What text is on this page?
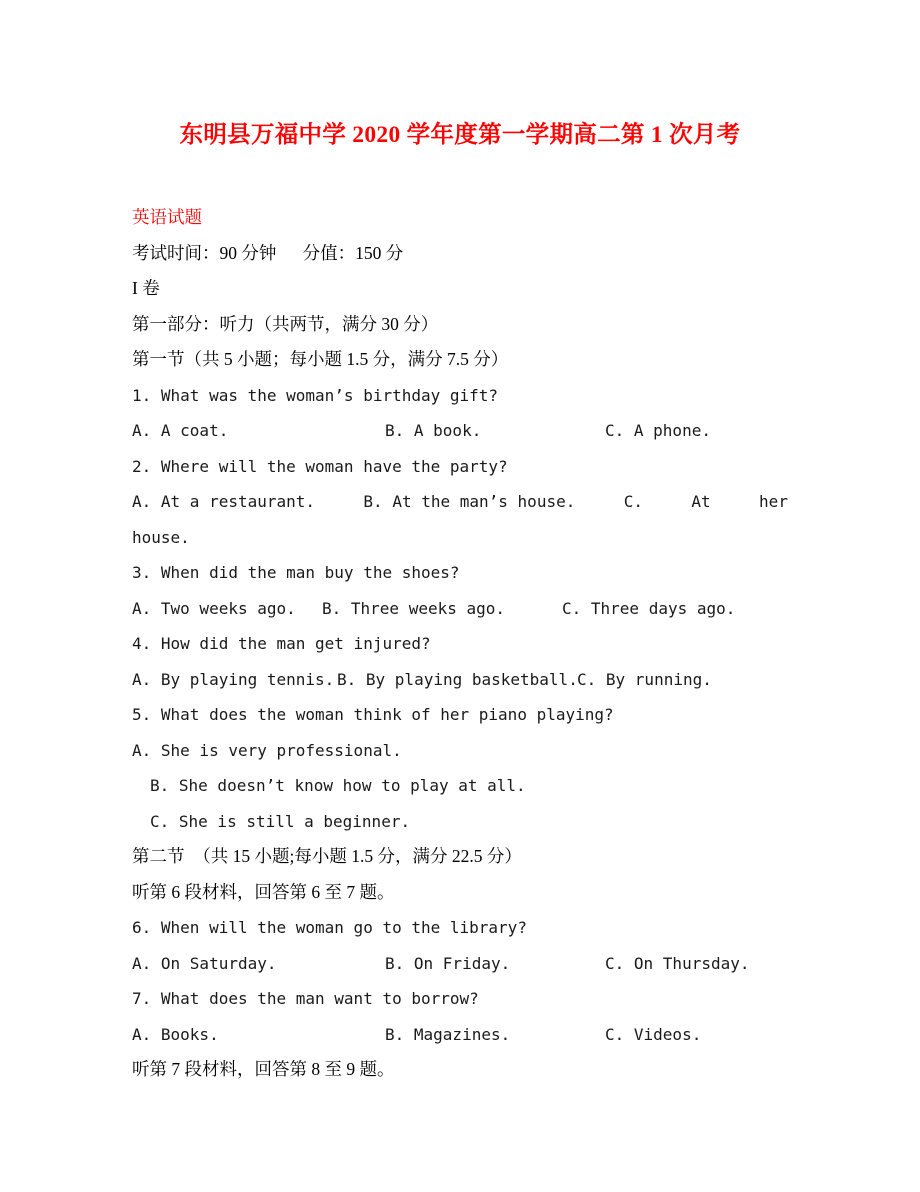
东明县万福中学 2020 学年度第一学期高二第 1 次月考
英语试题
考试时间：90 分钟      分值：150 分
I 卷
第一部分：听力（共两节，满分 30 分）
第一节（共 5 小题；每小题 1.5 分，满分 7.5 分）
1. What was the woman’s birthday gift?
A. A coat.	B. A book.	C. A phone.
2. Where will the woman have the party?
A. At a restaurant.	B. At the man’s house.	C.	At	her
house.
3. When did the man buy the shoes?
A. Two weeks ago.	B. Three weeks ago.	C. Three days ago.
4. How did the man get injured?
A. By playing tennis. B. By playing basketball. C. By running.
5. What does the woman think of her piano playing?
A. She is very professional.
B. She doesn’t know how to play at all.
C. She is still a beginner.
第二节  （共 15 小题;每小题 1.5 分，满分 22.5 分）
听第 6 段材料，回答第 6 至 7 题。
6. When will the woman go to the library?
A. On Saturday.	B. On Friday.	C. On Thursday.
7. What does the man want to borrow?
A. Books.	B. Magazines.	C. Videos.
听第 7 段材料，回答第 8 至 9 题。
